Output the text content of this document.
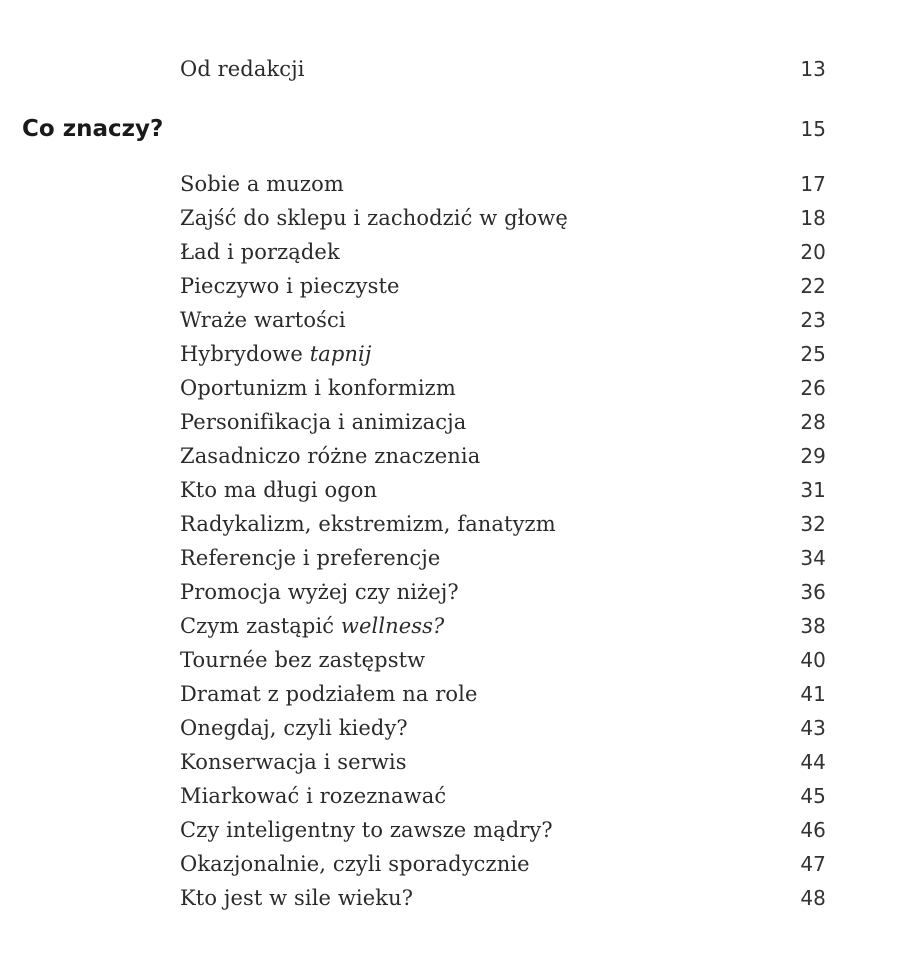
Od redakcji	13
Co znaczy?	15
Sobie a muzom	17
Zajść do sklepu i zachodzić w głowę	18
Ład i porządek	20
Pieczywo i pieczyste	22
Wraże wartości	23
Hybrydowe tapnij	25
Oportunizm i konformizm	26
Personifikacja i animizacja	28
Zasadniczo różne znaczenia	29
Kto ma długi ogon	31
Radykalizm, ekstremizm, fanatyzm	32
Referencje i preferencje	34
Promocja wyżej czy niżej?	36
Czym zastąpić wellness?	38
Tournée bez zastępstw	40
Dramat z podziałem na role	41
Onegdaj, czyli kiedy?	43
Konserwacja i serwis	44
Miarkować i rozeznawać	45
Czy inteligentny to zawsze mądry?	46
Okazjonalnie, czyli sporadycznie	47
Kto jest w sile wieku?	48
